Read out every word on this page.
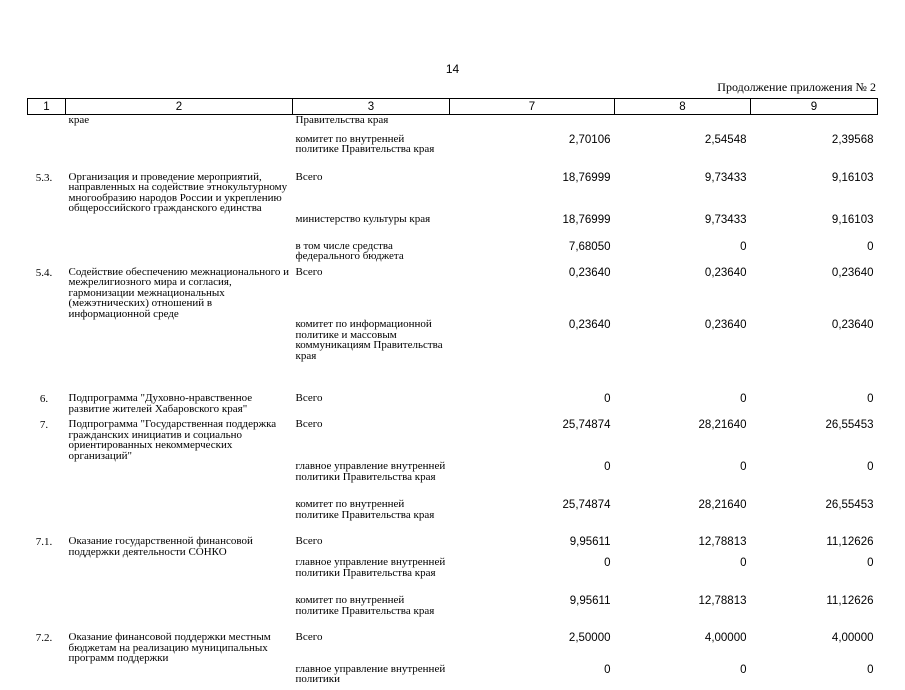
14
Продолжение приложения № 2
1	2	3	7	8	9
	крае	Правительства края			
		комитет по внутренней политике Правительства края	2,70106	2,54548	2,39568
5.3.	Организация и проведение мероприятий, направленных на содействие этнокультурному многообразию народов России и укреплению общероссийского гражданского единства	Всего	18,76999	9,73433	9,16103
		министерство культуры края	18,76999	9,73433	9,16103
		в том числе средства федерального бюджета	7,68050	0	0
5.4.	Содействие обеспечению межнационального и межрелигиозного мира и согласия, гармонизации межнациональных (межэтнических) отношений в информационной среде	Всего	0,23640	0,23640	0,23640
		комитет по информационной политике и массовым коммуникациям Правительства края	0,23640	0,23640	0,23640
6.	Подпрограмма "Духовно-нравственное развитие жителей Хабаровского края"	Всего	0	0	0
7.	Подпрограмма "Государственная поддержка гражданских инициатив и социально ориентированных некоммерческих организаций"	Всего	25,74874	28,21640	26,55453
		главное управление внутренней политики Правительства края	0	0	0
		комитет по внутренней политике Правительства края	25,74874	28,21640	26,55453
7.1.	Оказание государственной финансовой поддержки деятельности СОНКО	Всего	9,95611	12,78813	11,12626
		главное управление внутренней политики Правительства края	0	0	0
		комитет по внутренней политике Правительства края	9,95611	12,78813	11,12626
7.2.	Оказание финансовой поддержки местным бюджетам на реализацию муниципальных программ поддержки	Всего	2,50000	4,00000	4,00000
		главное управление внутренней политики	0	0	0
